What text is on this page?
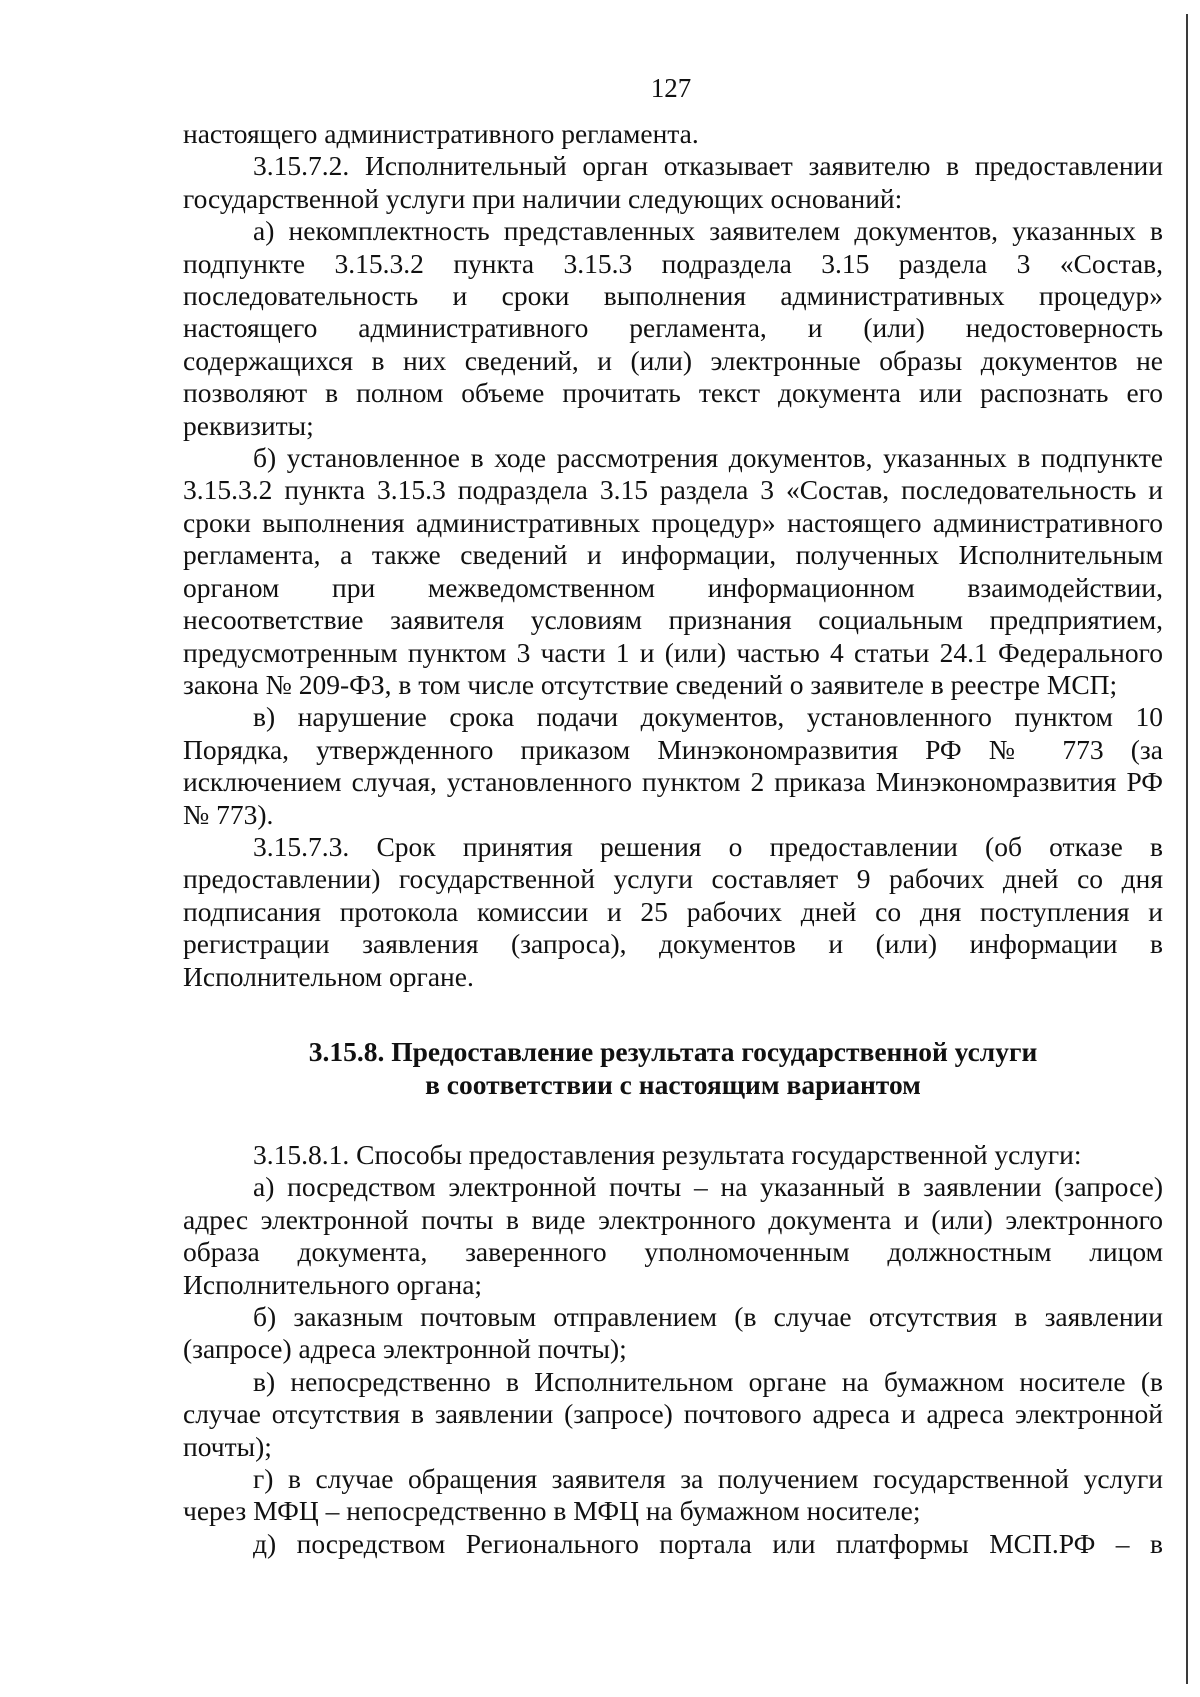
127

настоящего административного регламента.

3.15.7.2. Исполнительный орган отказывает заявителю в предоставлении государственной услуги при наличии следующих оснований:

а) некомплектность представленных заявителем документов, указанных в подпункте 3.15.3.2 пункта 3.15.3 подраздела 3.15 раздела 3 «Состав, последовательность и сроки выполнения административных процедур» настоящего административного регламента, и (или) недостоверность содержащихся в них сведений, и (или) электронные образы документов не позволяют в полном объеме прочитать текст документа или распознать его реквизиты;

б) установленное в ходе рассмотрения документов, указанных в подпункте 3.15.3.2 пункта 3.15.3 подраздела 3.15 раздела 3 «Состав, последовательность и сроки выполнения административных процедур» настоящего административного регламента, а также сведений и информации, полученных Исполнительным органом при межведомственном информационном взаимодействии, несоответствие заявителя условиям признания социальным предприятием, предусмотренным пунктом 3 части 1 и (или) частью 4 статьи 24.1 Федерального закона № 209-ФЗ, в том числе отсутствие сведений о заявителе в реестре МСП;

в) нарушение срока подачи документов, установленного пунктом 10 Порядка, утвержденного приказом Минэкономразвития РФ № 773 (за исключением случая, установленного пунктом 2 приказа Минэкономразвития РФ № 773).

3.15.7.3. Срок принятия решения о предоставлении (об отказе в предоставлении) государственной услуги составляет 9 рабочих дней со дня подписания протокола комиссии и 25 рабочих дней со дня поступления и регистрации заявления (запроса), документов и (или) информации в Исполнительном органе.

3.15.8. Предоставление результата государственной услуги
в соответствии с настоящим вариантом

3.15.8.1. Способы предоставления результата государственной услуги:

а) посредством электронной почты – на указанный в заявлении (запросе) адрес электронной почты в виде электронного документа и (или) электронного образа документа, заверенного уполномоченным должностным лицом Исполнительного органа;

б) заказным почтовым отправлением (в случае отсутствия в заявлении (запросе) адреса электронной почты);

в) непосредственно в Исполнительном органе на бумажном носителе (в случае отсутствия в заявлении (запросе) почтового адреса и адреса электронной почты);

г) в случае обращения заявителя за получением государственной услуги через МФЦ – непосредственно в МФЦ на бумажном носителе;

д) посредством Регионального портала или платформы МСП.РФ – в
